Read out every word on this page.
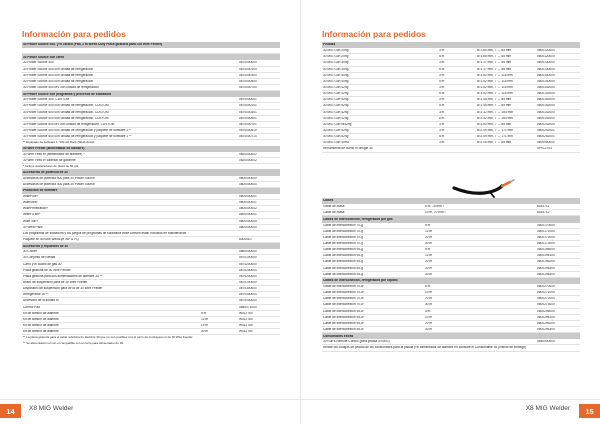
Información para pedidos
30 Power Source incl. y el cartón (Pad, 2 M Wired Duty Placa giratoria para 3 M Wire Feeder)
30 Power Source con carro
30 Power Source 400	0870000000
30 Power Source 400 con unidad de refrigeración	0870000100
30 Power Source 500 con unidad de refrigeración	0870000300
30 Power Source 400 con unidad de refrigeración	0870000500
30 Power Source 400 MV con unidad de refrigeración	0870000700
30 Power Source con programas y procesos de soldadura
30 Power Source 400, CUSTOM	0870000001
30 Power Source 400 con unidad de refrigeración, CUSTOM	0870000101
30 Power Source 500 con unidad de refrigeración, CUSTOM	0870000301
30 Power Source 400 con unidad de refrigeración, CUSTOM	0870000501
30 Power Source 500 MV con unidad de refrigeración, CUSTOM	0870000701
30 Power Source 400 con unidad de refrigeración y paquete de software 1 **	0870000510
30 Power Source 500 con unidad de refrigeración y paquete de software 1 **	0870000710
** Equipado de software 1: SW-vid Rock (Weld-Assist
30 Wire Feeder (alimentador de alambre)
30 Wire Feed er (alimentador de alambre) *	0820000002
30 Wire Feed er calentar de gabinete	0820000002
* Incluye aceleradores de placa de 50 grit
Accesorios de potencia de 30
Accesorios de potencia 500 para 30 Power Source	0800000000
Accesorios de potencia 400 para 30 Power Source	0800000000
Productos de software
WisePuls+	0800000001
WiseSteel	0800000001
WisePenetration+	0800000002
WiseFu sin+	0800000001
WiseThin+	0800000005
30 Weld Pack	0800000000
Los programas de soldadura y los juegos de programas de soldadura Wise Deliveri están incluidos en Maintenance.
Paquete en la nube WeldEye WP & PQ	6000010
Accesorios y repuestos de 30
30 Cooler	0860000000
30 Conjunto de ruedas	0870100000
Carro y el cuatro de gas 30	0870200000
Placa giratoria de 30 Wire Feeder	0870200000
Placa giratoria para dos alimentadores de alambre 30 **	0870200000
Brazo de suspensión para de 30 Wire Feeder	0870200000
Dispositivo de suspensión para de la de 30 Wire Feeder	0870300000
Refrigerador 30 **	0870000000
Accesorio de la soldad M	0870000000
Control Pad	0840071000
Kit de tambor de alambre	5 m	W012760
Kit de tambor de alambre	10 m	W012760
Kit de tambor de alambre	15 m	W012760
Kit de tambor de alambre	30 m	W012760
** La placa giratoria para el cable rebobina de alambre 30 que no son posibles con el carro de contrapeso el de 30 Wire Feeder.
** Se alimentación el con el compatible con el carro para alimentador de 30.
14	X8 MIG Welder
Información para pedidos
Pistolas
30 MIG Gun 20ng	3 m	a≈1.85 mm, 7 ↔ 85 mm	0600120000
30 MIG Gun 20ng	5 m	a≈1.85 mm, 7 ↔ 85 mm	0600120000
30 MIG Gun 30ng	3 m	a≈1.17 mm, 7 ↔ 85 mm	0600130000
30 MIG Gun 30ng	5 m	a≈1.17 mm, 7 ↔ 85 mm	0600130000
30 MIG Gun 40ng	3 m	a≈1.52 mm, 7 ↔ 115 mm	0600140000
30 MIG Gun 40ng	5 m	a≈1.52 mm, 7 ↔ 115 mm	0600140000
30 MIG Gun 42ng	3 m	a≈1.52 mm, 7 ↔ 115 mm	0600142000
30 MIG Gun 42ng	5 m	a≈1.52 mm, 7 ↔ 115 mm	0600142000
30 MIG Gun 52ng	3 m	a≈1.45 mm, 7 ↔ 85 mm	0600152000
30 MIG Gun 52ng	5 m	a≈1.45 mm, 7 ↔ 85 mm	0600152000
30 MIG Gun 42ng	3 m	a≈2.32 mm, 7 ↔ 184 mm	0600142000
30 MIG Gun 42ng	5 m	a≈2.32 mm, 7 ↔ 184 mm	0600142000
30 MIG Gun W42ng	3 m	a≈1.52 mm, 7 ↔ 85 mm	0600242000
30 MIG Gun 52ng	3 m	a≈2.49 mm, 7 ↔ 171 mm	0600252001
30 MIG Gun 52ng	5 m	a≈2.49 mm, 7 ↔ 171 mm	0600252001
30 MIG Gun 40mx	3 m	a≈2.05 mm, 7 ↔ 85 mm	0600050000
Herramienta de cuello m orlogie 30	SP012703
Cables
Cable de masa	5 m, 70 mm ²	6184711
Cable de masa	10 m, 70 mm ²	6184712
Cables de interconexión, refrigerados por gas
Cable de interconexión 70-g	5 m	0600170000
Cable de interconexión 70-g	10 m	0600171000
Cable de interconexión 70-g	20 m	0600172000
Cable de interconexión 70-g	30 m	0600173000
Cable de interconexión 95-g	5 m	0600195000
Cable de interconexión 95-g	10 m	0600195100
Cable de interconexión 95-g	20 m	0600195200
Cable de interconexión 95-g	30 m	0600195300
Cable de interconexión 95-g	30 m	0600195300
Cables de interconexión, refrigerados por líquido
Cable de interconexión 70-w	5 m	0600270000
Cable de interconexión 70-w	10 m	0600271000
Cable de interconexión 70-w	20 m	0600272000
Cable de interconexión 70-w	30 m	0600273000
Cable de interconexión 95-w	5 m	0600295000
Cable de interconexión 95-w	10 m	0600295100
Cable de interconexión 95-w	20 m	0600295200
Cable de interconexión 95-w	30 m	0600295300
Consumibles extras
30 Run's Remote Control (para pistola 30 MIG)	0840000000
Revise los códigos de pedido de los consumibles para la pistola y el alimentador de alambre en consulte el Consumable 30 (Infinito de Renegy)
15
X8 MIG Welder
